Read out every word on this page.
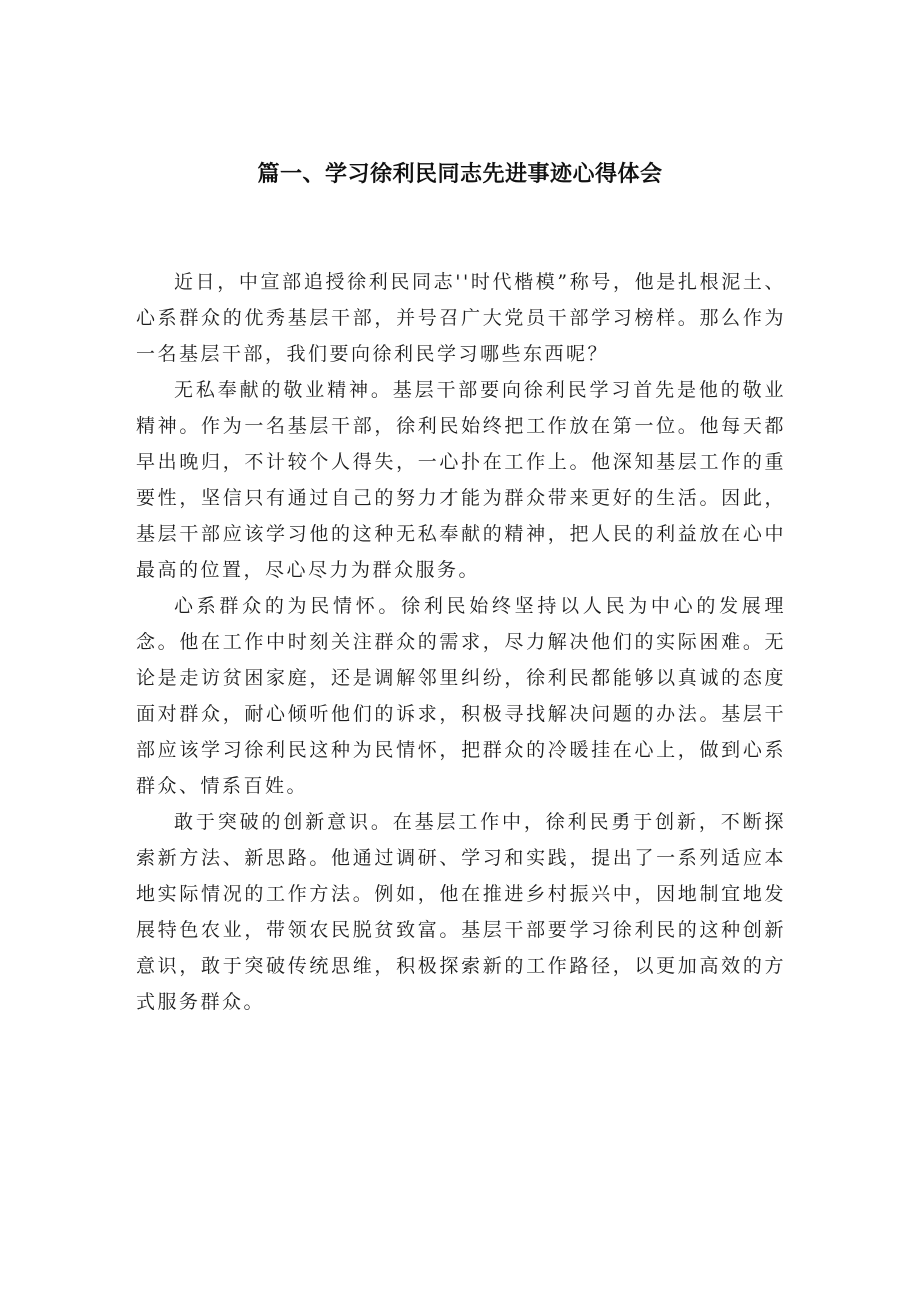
篇一、学习徐利民同志先进事迹心得体会

近日，中宣部追授徐利民同志''时代楷模”称号，他是扎根泥土、心系群众的优秀基层干部，并号召广大党员干部学习榜样。那么作为一名基层干部，我们要向徐利民学习哪些东西呢？

无私奉献的敬业精神。基层干部要向徐利民学习首先是他的敬业精神。作为一名基层干部，徐利民始终把工作放在第一位。他每天都早出晚归，不计较个人得失，一心扑在工作上。他深知基层工作的重要性，坚信只有通过自己的努力才能为群众带来更好的生活。因此，基层干部应该学习他的这种无私奉献的精神，把人民的利益放在心中最高的位置，尽心尽力为群众服务。

心系群众的为民情怀。徐利民始终坚持以人民为中心的发展理念。他在工作中时刻关注群众的需求，尽力解决他们的实际困难。无论是走访贫困家庭，还是调解邻里纠纷，徐利民都能够以真诚的态度面对群众，耐心倾听他们的诉求，积极寻找解决问题的办法。基层干部应该学习徐利民这种为民情怀，把群众的冷暖挂在心上，做到心系群众、情系百姓。

敢于突破的创新意识。在基层工作中，徐利民勇于创新，不断探索新方法、新思路。他通过调研、学习和实践，提出了一系列适应本地实际情况的工作方法。例如，他在推进乡村振兴中，因地制宜地发展特色农业，带领农民脱贫致富。基层干部要学习徐利民的这种创新意识，敢于突破传统思维，积极探索新的工作路径，以更加高效的方式服务群众。
